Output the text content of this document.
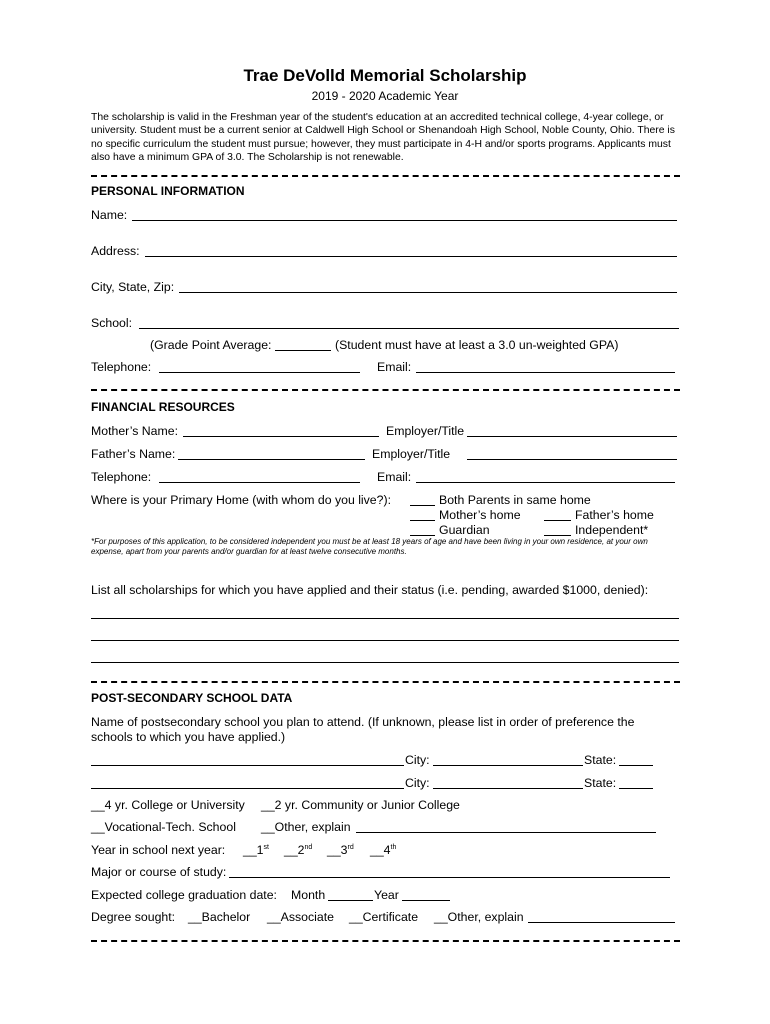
Trae DeVolld Memorial Scholarship
2019 - 2020 Academic Year
The scholarship is valid in the Freshman year of the student's education at an accredited technical college, 4-year college, or university. Student must be a current senior at Caldwell High School or Shenandoah High School, Noble County, Ohio. There is no specific curriculum the student must pursue; however, they must participate in 4-H and/or sports programs. Applicants must also have a minimum GPA of 3.0. The Scholarship is not renewable.
PERSONAL INFORMATION
Name:
Address:
City, State, Zip:
School:
(Grade Point Average:	(Student must have at least a 3.0 un-weighted GPA)
Telephone:	Email:
FINANCIAL RESOURCES
Mother’s Name:	Employer/Title
Father’s Name:	Employer/Title
Telephone:	Email:
Where is your Primary Home (with whom do you live?):	Both Parents in same home
Mother’s home	Father’s home
Guardian	Independent*
*For purposes of this application, to be considered independent you must be at least 18 years of age and have been living in your own residence, at your own expense, apart from your parents and/or guardian for at least twelve consecutive months.
List all scholarships for which you have applied and their status (i.e. pending, awarded $1000, denied):
POST-SECONDARY SCHOOL DATA
Name of postsecondary school you plan to attend. (If unknown, please list in order of preference the
schools to which you have applied.)
City:	State:
City:	State:
__4 yr. College or University __2 yr. Community or Junior College
__Vocational-Tech. School __Other, explain
Year in school next year: __1st __2nd __3rd __4th
Major or course of study:
Expected college graduation date: Month	Year
Degree sought: __Bachelor __Associate __Certificate __Other, explain
